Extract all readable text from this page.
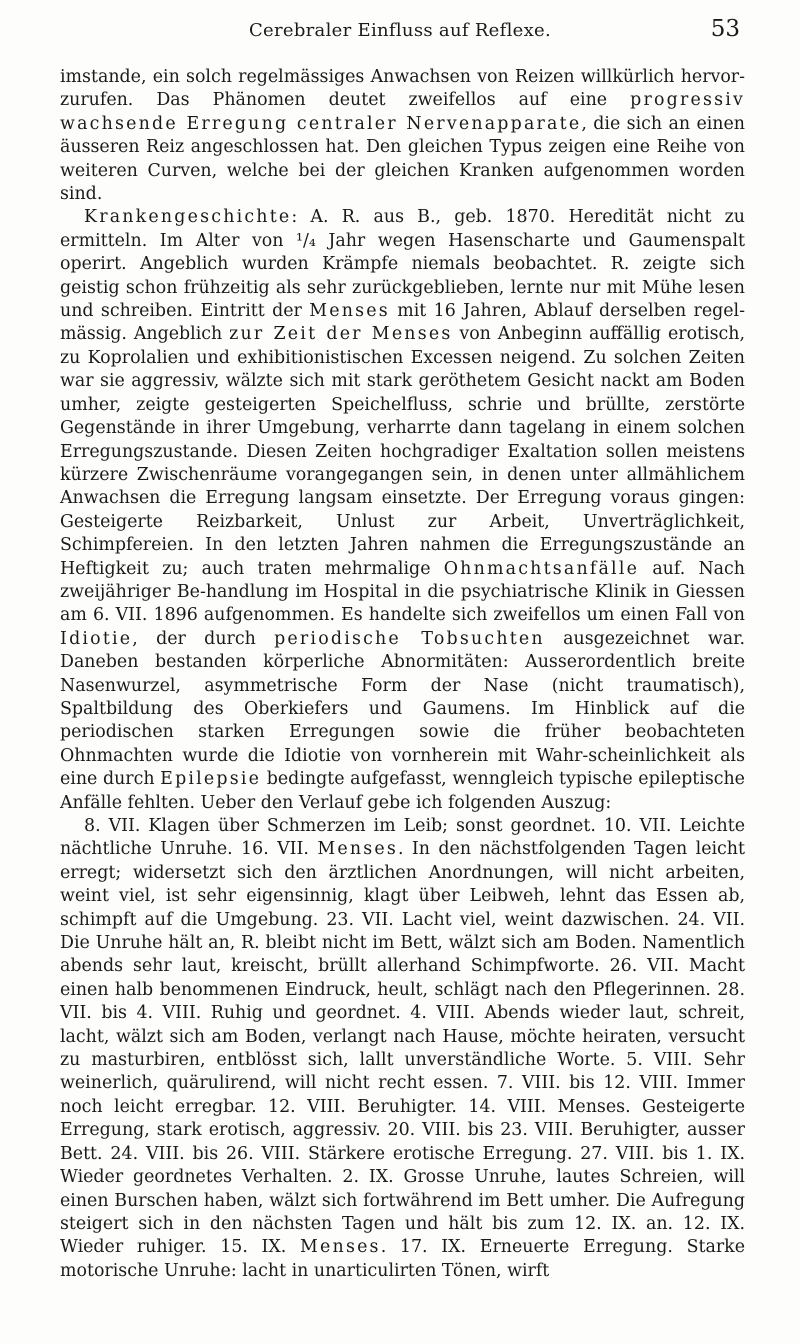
Cerebraler Einfluss auf Reflexe.	53

imstande, ein solch regelmässiges Anwachsen von Reizen willkürlich hervor-zurufen. Das Phänomen deutet zweifellos auf eine progressiv wachsende Erregung centraler Nervenapparate, die sich an einen äusseren Reiz angeschlossen hat. Den gleichen Typus zeigen eine Reihe von weiteren Curven, welche bei der gleichen Kranken aufgenommen worden sind.

Krankengeschichte: A. R. aus B., geb. 1870. Heredität nicht zu ermitteln. Im Alter von ¹/₄ Jahr wegen Hasenscharte und Gaumenspalt operirt. Angeblich wurden Krämpfe niemals beobachtet. R. zeigte sich geistig schon frühzeitig als sehr zurückgeblieben, lernte nur mit Mühe lesen und schreiben. Eintritt der Menses mit 16 Jahren, Ablauf derselben regel-mässig. Angeblich zur Zeit der Menses von Anbeginn auffällig erotisch, zu Koprolalien und exhibitionistischen Excessen neigend. Zu solchen Zeiten war sie aggressiv, wälzte sich mit stark geröthetem Gesicht nackt am Boden umher, zeigte gesteigerten Speichelfluss, schrie und brüllte, zerstörte Gegenstände in ihrer Umgebung, verharrte dann tagelang in einem solchen Erregungszustande. Diesen Zeiten hochgradiger Exaltation sollen meistens kürzere Zwischenräume vorangegangen sein, in denen unter allmählichem Anwachsen die Erregung langsam einsetzte. Der Erregung voraus gingen: Gesteigerte Reizbarkeit, Unlust zur Arbeit, Unverträglichkeit, Schimpfereien. In den letzten Jahren nahmen die Erregungszustände an Heftigkeit zu; auch traten mehrmalige Ohnmachtsanfälle auf. Nach zweijähriger Be-handlung im Hospital in die psychiatrische Klinik in Giessen am 6. VII. 1896 aufgenommen. Es handelte sich zweifellos um einen Fall von Idiotie, der durch periodische Tobsuchten ausgezeichnet war. Daneben bestanden körperliche Abnormitäten: Ausserordentlich breite Nasenwurzel, asymmetrische Form der Nase (nicht traumatisch), Spaltbildung des Oberkiefers und Gaumens. Im Hinblick auf die periodischen starken Erregungen sowie die früher beobachteten Ohnmachten wurde die Idiotie von vornherein mit Wahr-scheinlichkeit als eine durch Epilepsie bedingte aufgefasst, wenngleich typische epileptische Anfälle fehlten. Ueber den Verlauf gebe ich folgenden Auszug:

8. VII. Klagen über Schmerzen im Leib; sonst geordnet. 10. VII. Leichte nächtliche Unruhe. 16. VII. Menses. In den nächstfolgenden Tagen leicht erregt; widersetzt sich den ärztlichen Anordnungen, will nicht arbeiten, weint viel, ist sehr eigensinnig, klagt über Leibweh, lehnt das Essen ab, schimpft auf die Umgebung. 23. VII. Lacht viel, weint dazwischen. 24. VII. Die Unruhe hält an, R. bleibt nicht im Bett, wälzt sich am Boden. Namentlich abends sehr laut, kreischt, brüllt allerhand Schimpfworte. 26. VII. Macht einen halb benommenen Eindruck, heult, schlägt nach den Pflegerinnen. 28. VII. bis 4. VIII. Ruhig und geordnet. 4. VIII. Abends wieder laut, schreit, lacht, wälzt sich am Boden, verlangt nach Hause, möchte heiraten, versucht zu masturbiren, entblösst sich, lallt unverständliche Worte. 5. VIII. Sehr weinerlich, quärulirend, will nicht recht essen. 7. VIII. bis 12. VIII. Immer noch leicht erregbar. 12. VIII. Beruhigter. 14. VIII. Menses. Gesteigerte Erregung, stark erotisch, aggressiv. 20. VIII. bis 23. VIII. Beruhigter, ausser Bett. 24. VIII. bis 26. VIII. Stärkere erotische Erregung. 27. VIII. bis 1. IX. Wieder geordnetes Verhalten. 2. IX. Grosse Unruhe, lautes Schreien, will einen Burschen haben, wälzt sich fortwährend im Bett umher. Die Aufregung steigert sich in den nächsten Tagen und hält bis zum 12. IX. an. 12. IX. Wieder ruhiger. 15. IX. Menses. 17. IX. Erneuerte Erregung. Starke motorische Unruhe: lacht in unarticulirten Tönen, wirft
